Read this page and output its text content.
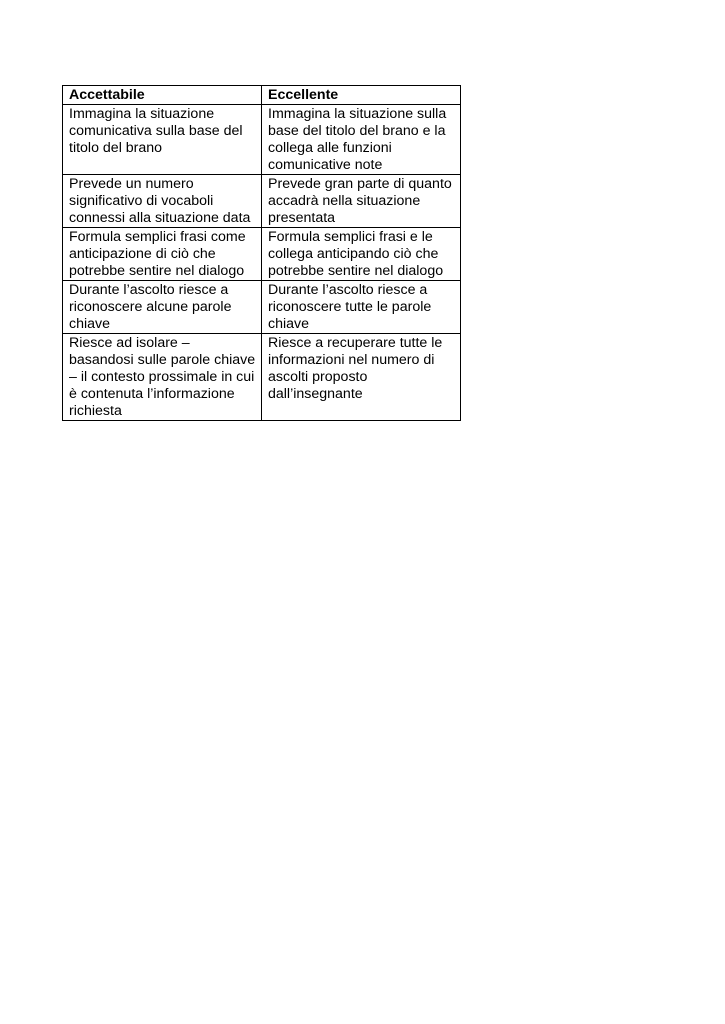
Accettabile	Eccellente
Immagina la situazione comunicativa sulla base del titolo del brano	Immagina la situazione sulla base del titolo del brano e la collega alle funzioni comunicative note
Prevede un numero significativo di vocaboli connessi alla situazione data	Prevede gran parte di quanto accadrà nella situazione presentata
Formula semplici frasi come anticipazione di ciò che potrebbe sentire nel dialogo	Formula semplici frasi e le collega anticipando ciò che potrebbe sentire nel dialogo
Durante l’ascolto riesce a riconoscere alcune parole chiave	Durante l’ascolto riesce a riconoscere tutte le parole chiave
Riesce ad isolare – basandosi sulle parole chiave – il contesto prossimale in cui è contenuta l’informazione richiesta	Riesce a recuperare tutte le informazioni nel numero di ascolti proposto dall’insegnante
